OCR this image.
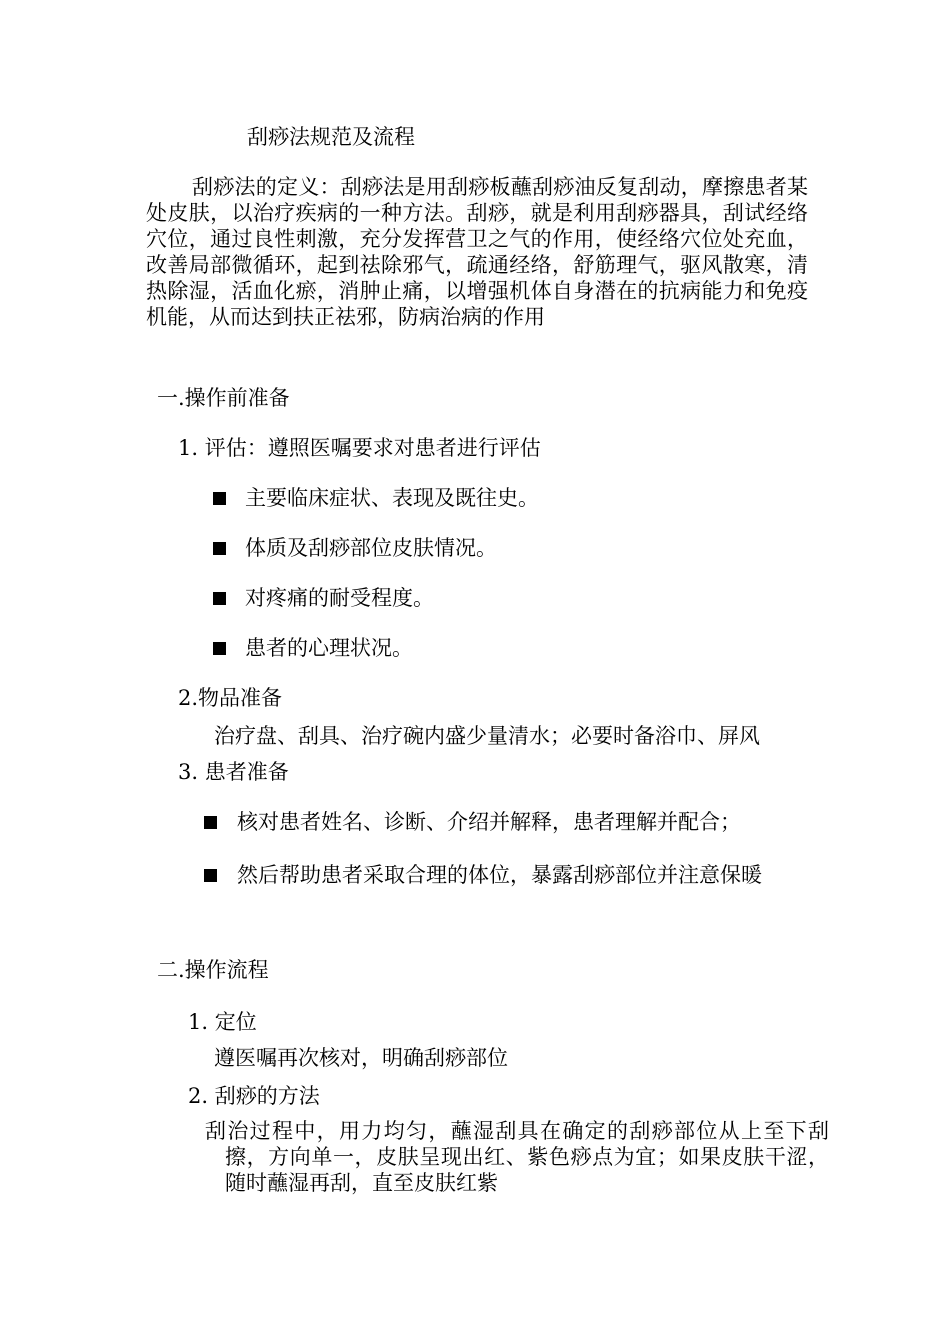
刮痧法规范及流程
刮痧法的定义：刮痧法是用刮痧板蘸刮痧油反复刮动，摩擦患者某处皮肤，以治疗疾病的一种方法。刮痧，就是利用刮痧器具，刮试经络穴位，通过良性刺激，充分发挥营卫之气的作用，使经络穴位处充血，改善局部微循环，起到祛除邪气，疏通经络，舒筋理气，驱风散寒，清热除湿，活血化瘀，消肿止痛，以增强机体自身潜在的抗病能力和免疫机能，从而达到扶正祛邪，防病治病的作用
一.操作前准备
1. 评估：遵照医嘱要求对患者进行评估
主要临床症状、表现及既往史。
体质及刮痧部位皮肤情况。
对疼痛的耐受程度。
患者的心理状况。
2.物品准备
治疗盘、刮具、治疗碗内盛少量清水；必要时备浴巾、屏风
3. 患者准备
核对患者姓名、诊断、介绍并解释，患者理解并配合；
然后帮助患者采取合理的体位，暴露刮痧部位并注意保暖
二.操作流程
1. 定位
遵医嘱再次核对，明确刮痧部位
2. 刮痧的方法
刮治过程中，用力均匀，蘸湿刮具在确定的刮痧部位从上至下刮擦，方向单一，皮肤呈现出红、紫色痧点为宜；如果皮肤干涩，随时蘸湿再刮，直至皮肤红紫
